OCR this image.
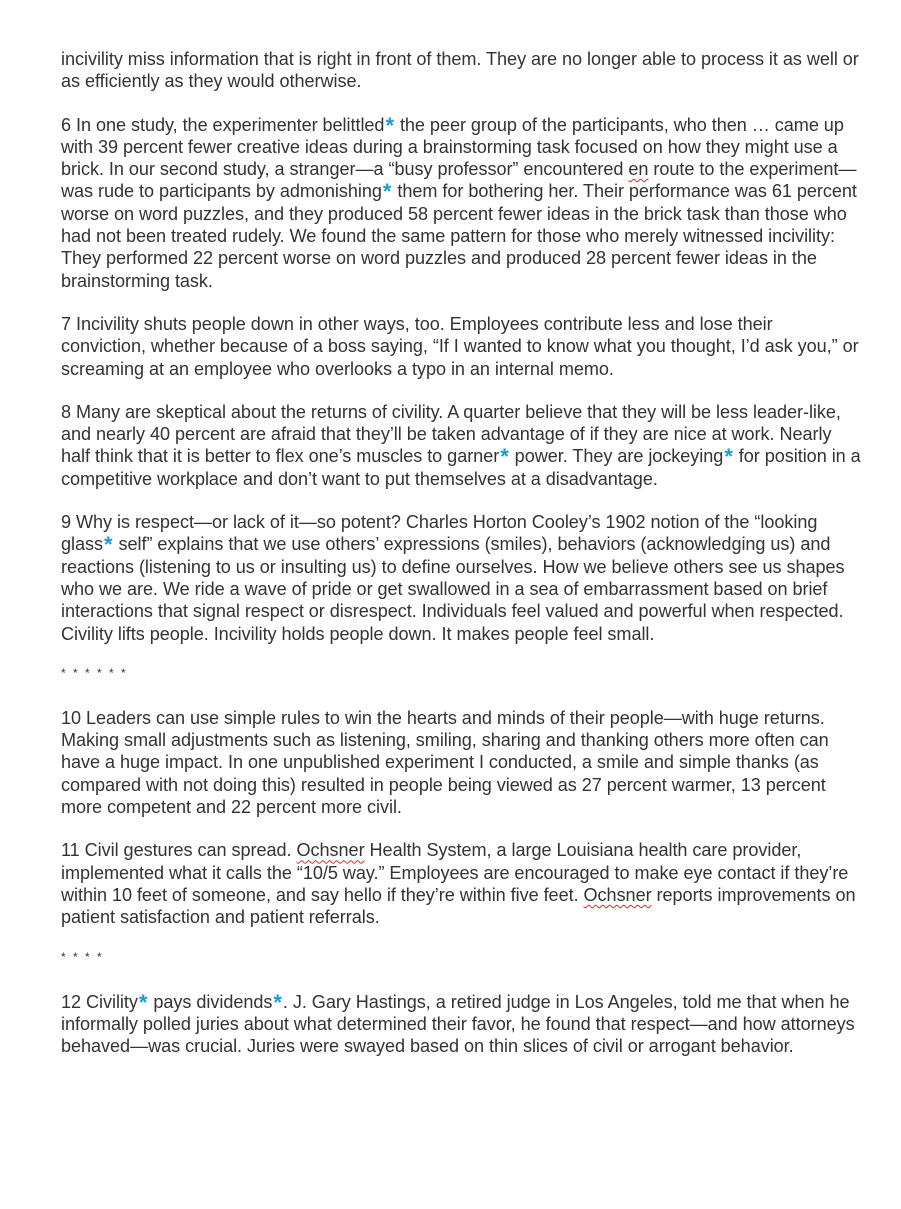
incivility miss information that is right in front of them. They are no longer able to process it as well or as efficiently as they would otherwise.

6 In one study, the experimenter belittled* the peer group of the participants, who then … came up with 39 percent fewer creative ideas during a brainstorming task focused on how they might use a brick. In our second study, a stranger—a “busy professor” encountered en route to the experiment—was rude to participants by admonishing* them for bothering her. Their performance was 61 percent worse on word puzzles, and they produced 58 percent fewer ideas in the brick task than those who had not been treated rudely. We found the same pattern for those who merely witnessed incivility: They performed 22 percent worse on word puzzles and produced 28 percent fewer ideas in the brainstorming task.

7 Incivility shuts people down in other ways, too. Employees contribute less and lose their conviction, whether because of a boss saying, “If I wanted to know what you thought, I’d ask you,” or screaming at an employee who overlooks a typo in an internal memo.

8 Many are skeptical about the returns of civility. A quarter believe that they will be less leader-like, and nearly 40 percent are afraid that they’ll be taken advantage of if they are nice at work. Nearly half think that it is better to flex one’s muscles to garner* power. They are jockeying* for position in a competitive workplace and don’t want to put themselves at a disadvantage.

9 Why is respect—or lack of it—so potent? Charles Horton Cooley’s 1902 notion of the “looking glass* self” explains that we use others’ expressions (smiles), behaviors (acknowledging us) and reactions (listening to us or insulting us) to define ourselves. How we believe others see us shapes who we are. We ride a wave of pride or get swallowed in a sea of embarrassment based on brief interactions that signal respect or disrespect. Individuals feel valued and powerful when respected. Civility lifts people. Incivility holds people down. It makes people feel small.

* * * * * *

10 Leaders can use simple rules to win the hearts and minds of their people—with huge returns. Making small adjustments such as listening, smiling, sharing and thanking others more often can have a huge impact. In one unpublished experiment I conducted, a smile and simple thanks (as compared with not doing this) resulted in people being viewed as 27 percent warmer, 13 percent more competent and 22 percent more civil.

11 Civil gestures can spread. Ochsner Health System, a large Louisiana health care provider, implemented what it calls the “10/5 way.” Employees are encouraged to make eye contact if they’re within 10 feet of someone, and say hello if they’re within five feet. Ochsner reports improvements on patient satisfaction and patient referrals.

* * * *

12 Civility* pays dividends*. J. Gary Hastings, a retired judge in Los Angeles, told me that when he informally polled juries about what determined their favor, he found that respect—and how attorneys behaved—was crucial. Juries were swayed based on thin slices of civil or arrogant behavior.
